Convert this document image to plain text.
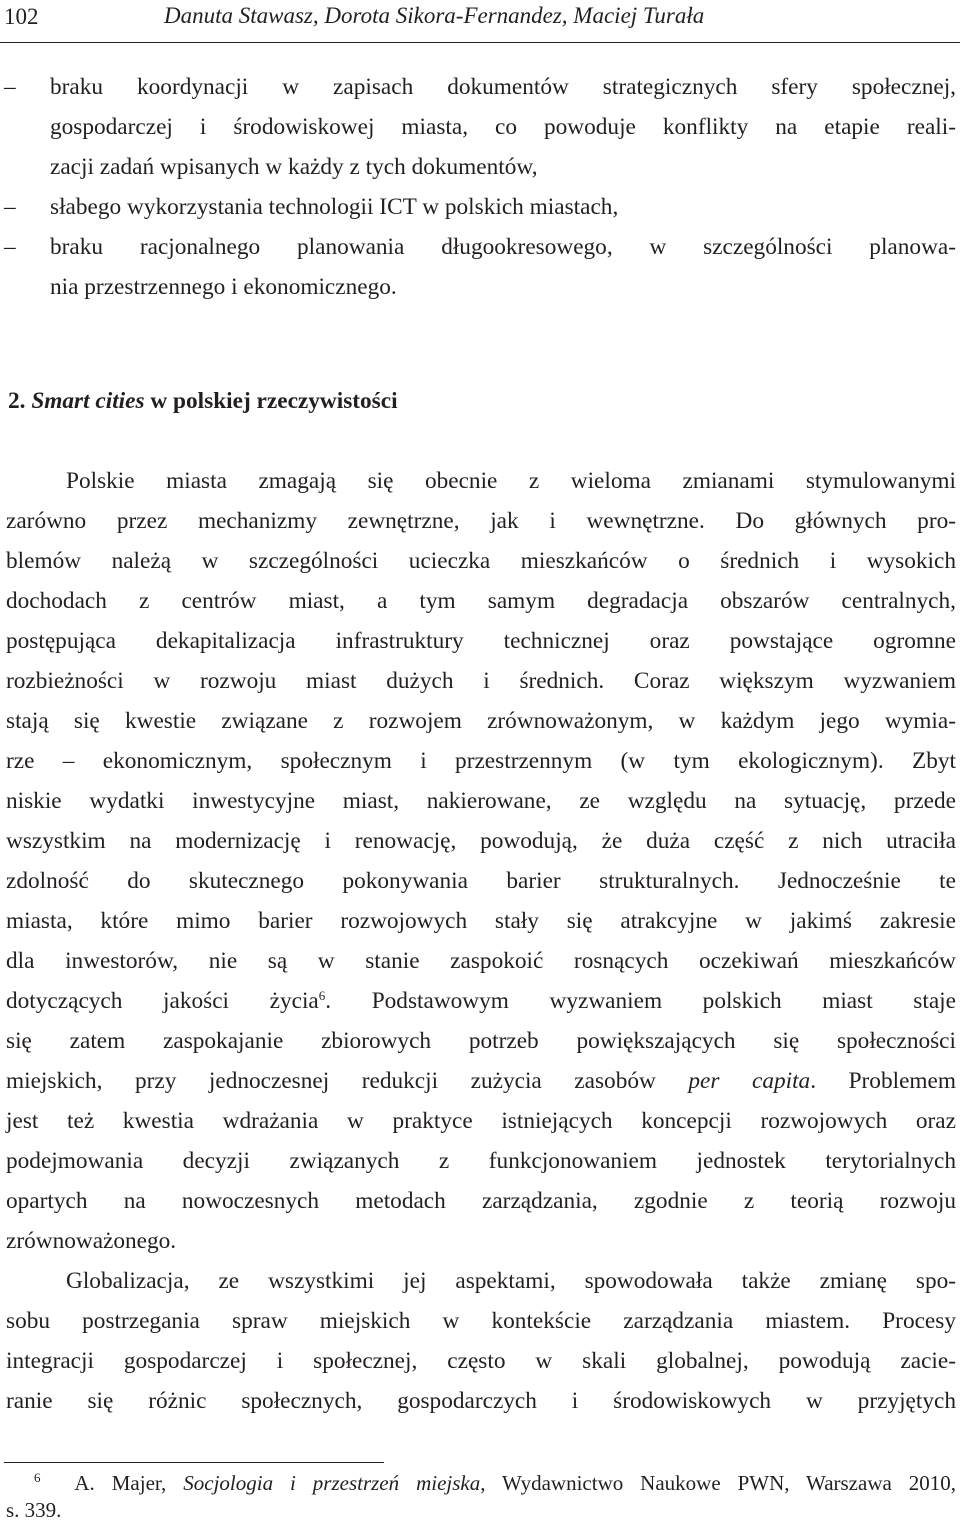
102	Danuta Stawasz, Dorota Sikora-Fernandez, Maciej Turała
– braku koordynacji w zapisach dokumentów strategicznych sfery społecznej,
gospodarczej i środowiskowej miasta, co powoduje konflikty na etapie reali-
zacji zadań wpisanych w każdy z tych dokumentów,
– słabego wykorzystania technologii ICT w polskich miastach,
– braku racjonalnego planowania długookresowego, w szczególności planowa-
nia przestrzennego i ekonomicznego.
2. Smart cities w polskiej rzeczywistości
Polskie miasta zmagają się obecnie z wieloma zmianami stymulowanymi
zarówno przez mechanizmy zewnętrzne, jak i wewnętrzne. Do głównych pro-
blemów należą w szczególności ucieczka mieszkańców o średnich i wysokich
dochodach z centrów miast, a tym samym degradacja obszarów centralnych,
postępująca dekapitalizacja infrastruktury technicznej oraz powstające ogromne
rozbieżności w rozwoju miast dużych i średnich. Coraz większym wyzwaniem
stają się kwestie związane z rozwojem zrównoważonym, w każdym jego wymia-
rze – ekonomicznym, społecznym i przestrzennym (w tym ekologicznym). Zbyt
niskie wydatki inwestycyjne miast, nakierowane, ze względu na sytuację, przede
wszystkim na modernizację i renowację, powodują, że duża część z nich utraciła
zdolność do skutecznego pokonywania barier strukturalnych. Jednocześnie te
miasta, które mimo barier rozwojowych stały się atrakcyjne w jakimś zakresie
dla inwestorów, nie są w stanie zaspokoić rosnących oczekiwań mieszkańców
dotyczących jakości życia$^6$. Podstawowym wyzwaniem polskich miast staje
się zatem zaspokajanie zbiorowych potrzeb powiększających się społeczności
miejskich, przy jednoczesnej redukcji zużycia zasobów per capita. Problemem
jest też kwestia wdrażania w praktyce istniejących koncepcji rozwojowych oraz
podejmowania decyzji związanych z funkcjonowaniem jednostek terytorialnych
opartych na nowoczesnych metodach zarządzania, zgodnie z teorią rozwoju
zrównoważonego.
Globalizacja, ze wszystkimi jej aspektami, spowodowała także zmianę spo-
sobu postrzegania spraw miejskich w kontekście zarządzania miastem. Procesy
integracji gospodarczej i społecznej, często w skali globalnej, powodują zacie-
ranie się różnic społecznych, gospodarczych i środowiskowych w przyjętych
$^6$ A. Majer, Socjologia i przestrzeń miejska, Wydawnictwo Naukowe PWN, Warszawa 2010,
s. 339.
